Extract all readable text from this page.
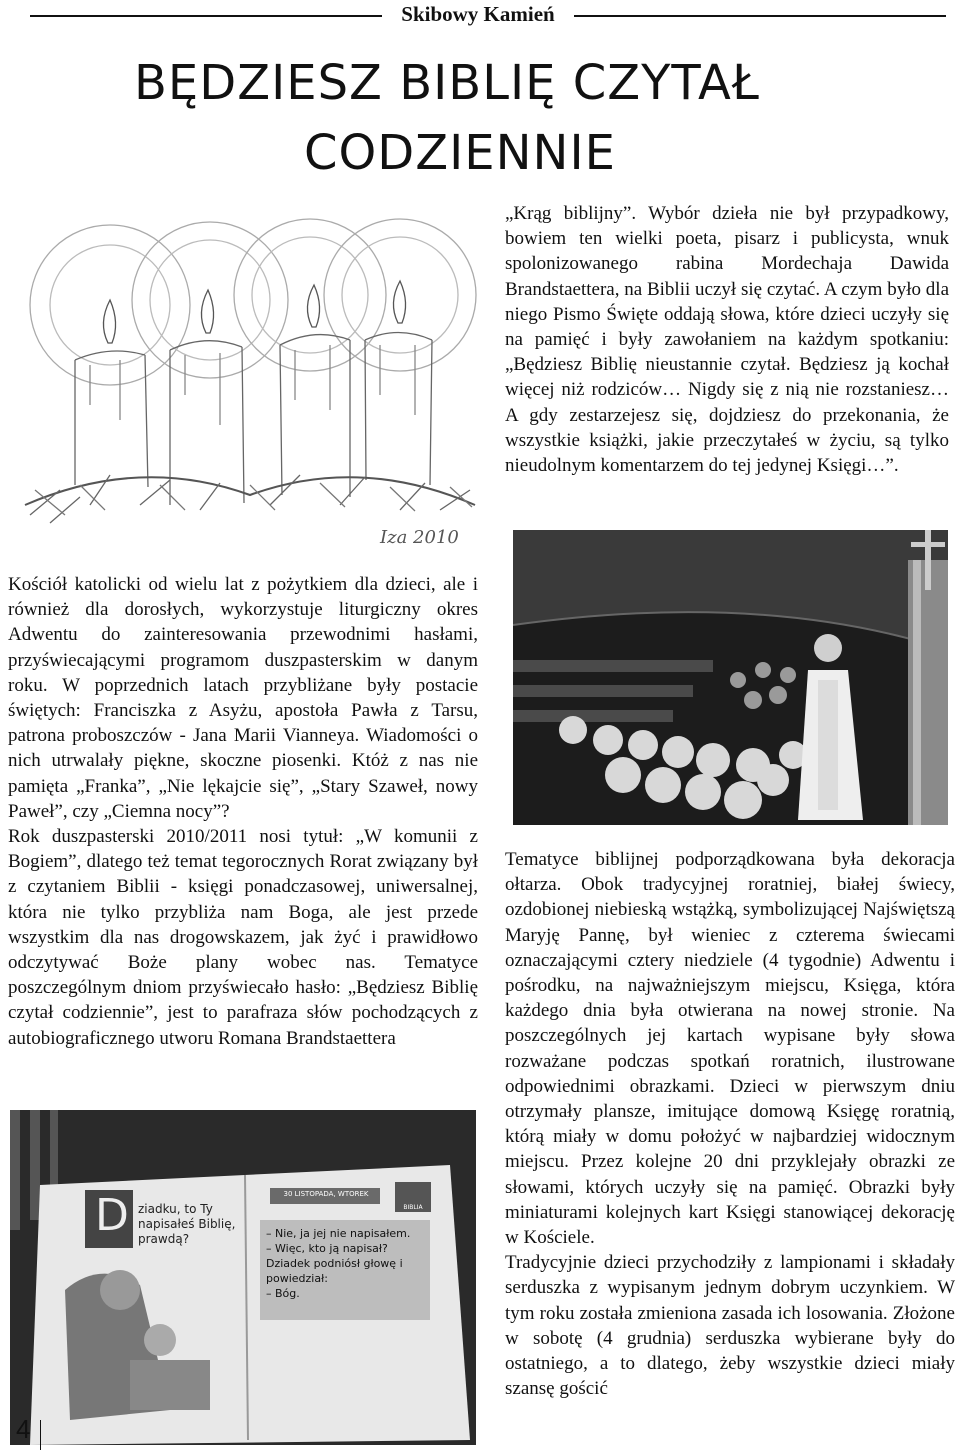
Skibowy Kamień
BĘDZIESZ BIBLIĘ CZYTAŁ
CODZIENNIE
Iza 2010

„Krąg biblijny”. Wybór dzieła nie był przypadkowy, bowiem ten wielki poeta, pisarz i publicysta, wnuk spolonizowanego rabina Mordechaja Dawida Brandstaettera, na Biblii uczył się czytać. A czym było dla niego Pismo Święte oddają słowa, które dzieci uczyły się na pamięć i były zawołaniem na każdym spotkaniu: „Będziesz Biblię nieustannie czytał. Będziesz ją kochał więcej niż rodziców… Nigdy się z nią nie rozstaniesz… A gdy zestarzejesz się, dojdziesz do przekonania, że wszystkie książki, jakie przeczytałeś w życiu, są tylko nieudolnym komentarzem do tej jedynej Księgi…”.

Kościół katolicki od wielu lat z pożytkiem dla dzieci, ale i również dla dorosłych, wykorzystuje liturgiczny okres Adwentu do zainteresowania przewodnimi hasłami, przyświecającymi programom duszpasterskim w danym roku. W poprzednich latach przybliżane były postacie świętych: Franciszka z Asyżu, apostoła Pawła z Tarsu, patrona proboszczów - Jana Marii Vianneya. Wiadomości o nich utrwalały piękne, skoczne piosenki. Któż z nas nie pamięta „Franka”, „Nie lękajcie się”, „Stary Szaweł, nowy Paweł”, czy „Ciemna nocy”?

Rok duszpasterski 2010/2011 nosi tytuł: „W komunii z Bogiem”, dlatego też temat tegorocznych Rorat związany był z czytaniem Biblii - księgi ponadczasowej, uniwersalnej, która nie tylko przybliża nam Boga, ale jest przede wszystkim dla nas drogowskazem, jak żyć i prawidłowo odczytywać Boże plany wobec nas. Tematyce poszczególnym dniom przyświecało hasło: „Będziesz Biblię czytał codziennie”, jest to parafraza słów pochodzących z autobiograficznego utworu Romana Brandstaettera

Tematyce biblijnej podporządkowana była dekoracja ołtarza. Obok tradycyjnej roratniej, białej świecy, ozdobionej niebieską wstążką, symbolizującej Najświętszą Maryję Pannę, był wieniec z czterema świecami oznaczającymi cztery niedziele (4 tygodnie) Adwentu i pośrodku, na najważniejszym miejscu, Księga, która każdego dnia była otwierana na nowej stronie. Na poszczególnych jej kartach wypisane były słowa rozważane podczas spotkań roratnich, ilustrowane odpowiednimi obrazkami. Dzieci w pierwszym dniu otrzymały plansze, imitujące domową Księgę roratnią, którą miały w domu położyć w najbardziej widocznym miejscu. Przez kolejne 20 dni przyklejały obrazki ze słowami, których uczyły się na pamięć. Obrazki były miniaturami kolejnych kart Księgi stanowiącej dekorację w Kościele.

Tradycyjnie dzieci przychodziły z lampionami i składały serduszka z wypisanym jednym dobrym uczynkiem. W tym roku została zmieniona zasada ich losowania. Złożone w sobotę (4 grudnia) serduszka wybierane były do ostatniego, a to dlatego, żeby wszystkie dzieci miały szansę gościć

D ziadku, to Ty napisałeś Biblię, prawdą?
30 LISTOPADA, WTOREK
BIBLIA
– Nie, ja jej nie napisałem.
– Więc, kto ją napisał?
Dziadek podniósł głowę i powiedział:
– Bóg.
4
